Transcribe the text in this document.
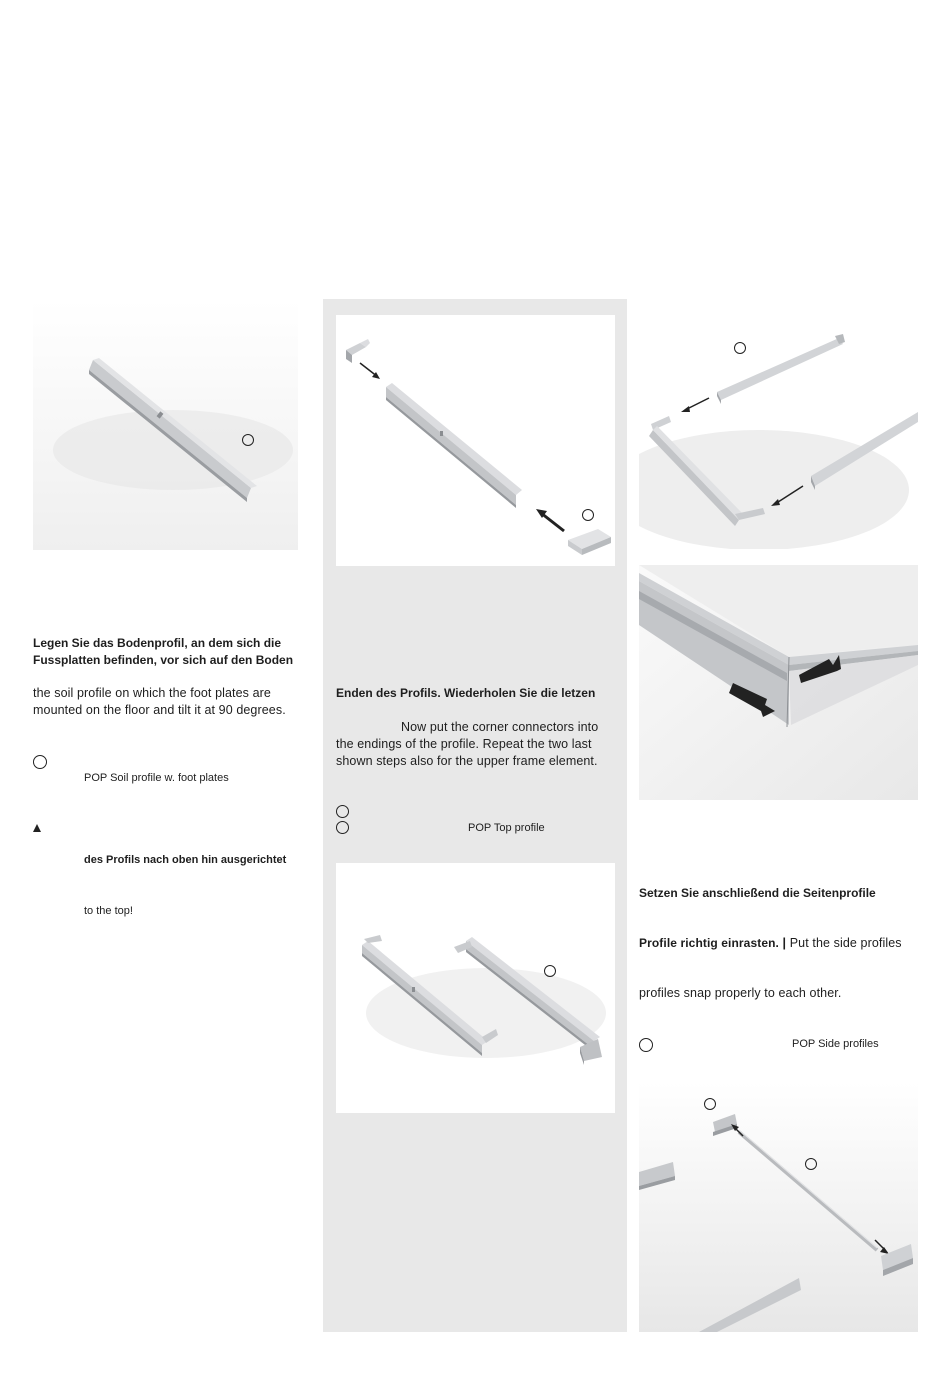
Legen Sie das Bodenprofil, an dem sich die
Fussplatten befinden, vor sich auf den Boden
the soil profile on which the foot plates are
mounted on the floor and tilt it at 90 degrees.
POP Soil profile w. foot plates
des Profils nach oben hin ausgerichtet
to the top!
Enden des Profils. Wiederholen Sie die letzen
Now put the corner connectors into
the endings of the profile. Repeat the two last
shown steps also for the upper frame element.
POP Top profile
Setzen Sie anschließend die Seitenprofile
Profile richtig einrasten. | Put the side profiles
profiles snap properly to each other.
POP Side profiles
